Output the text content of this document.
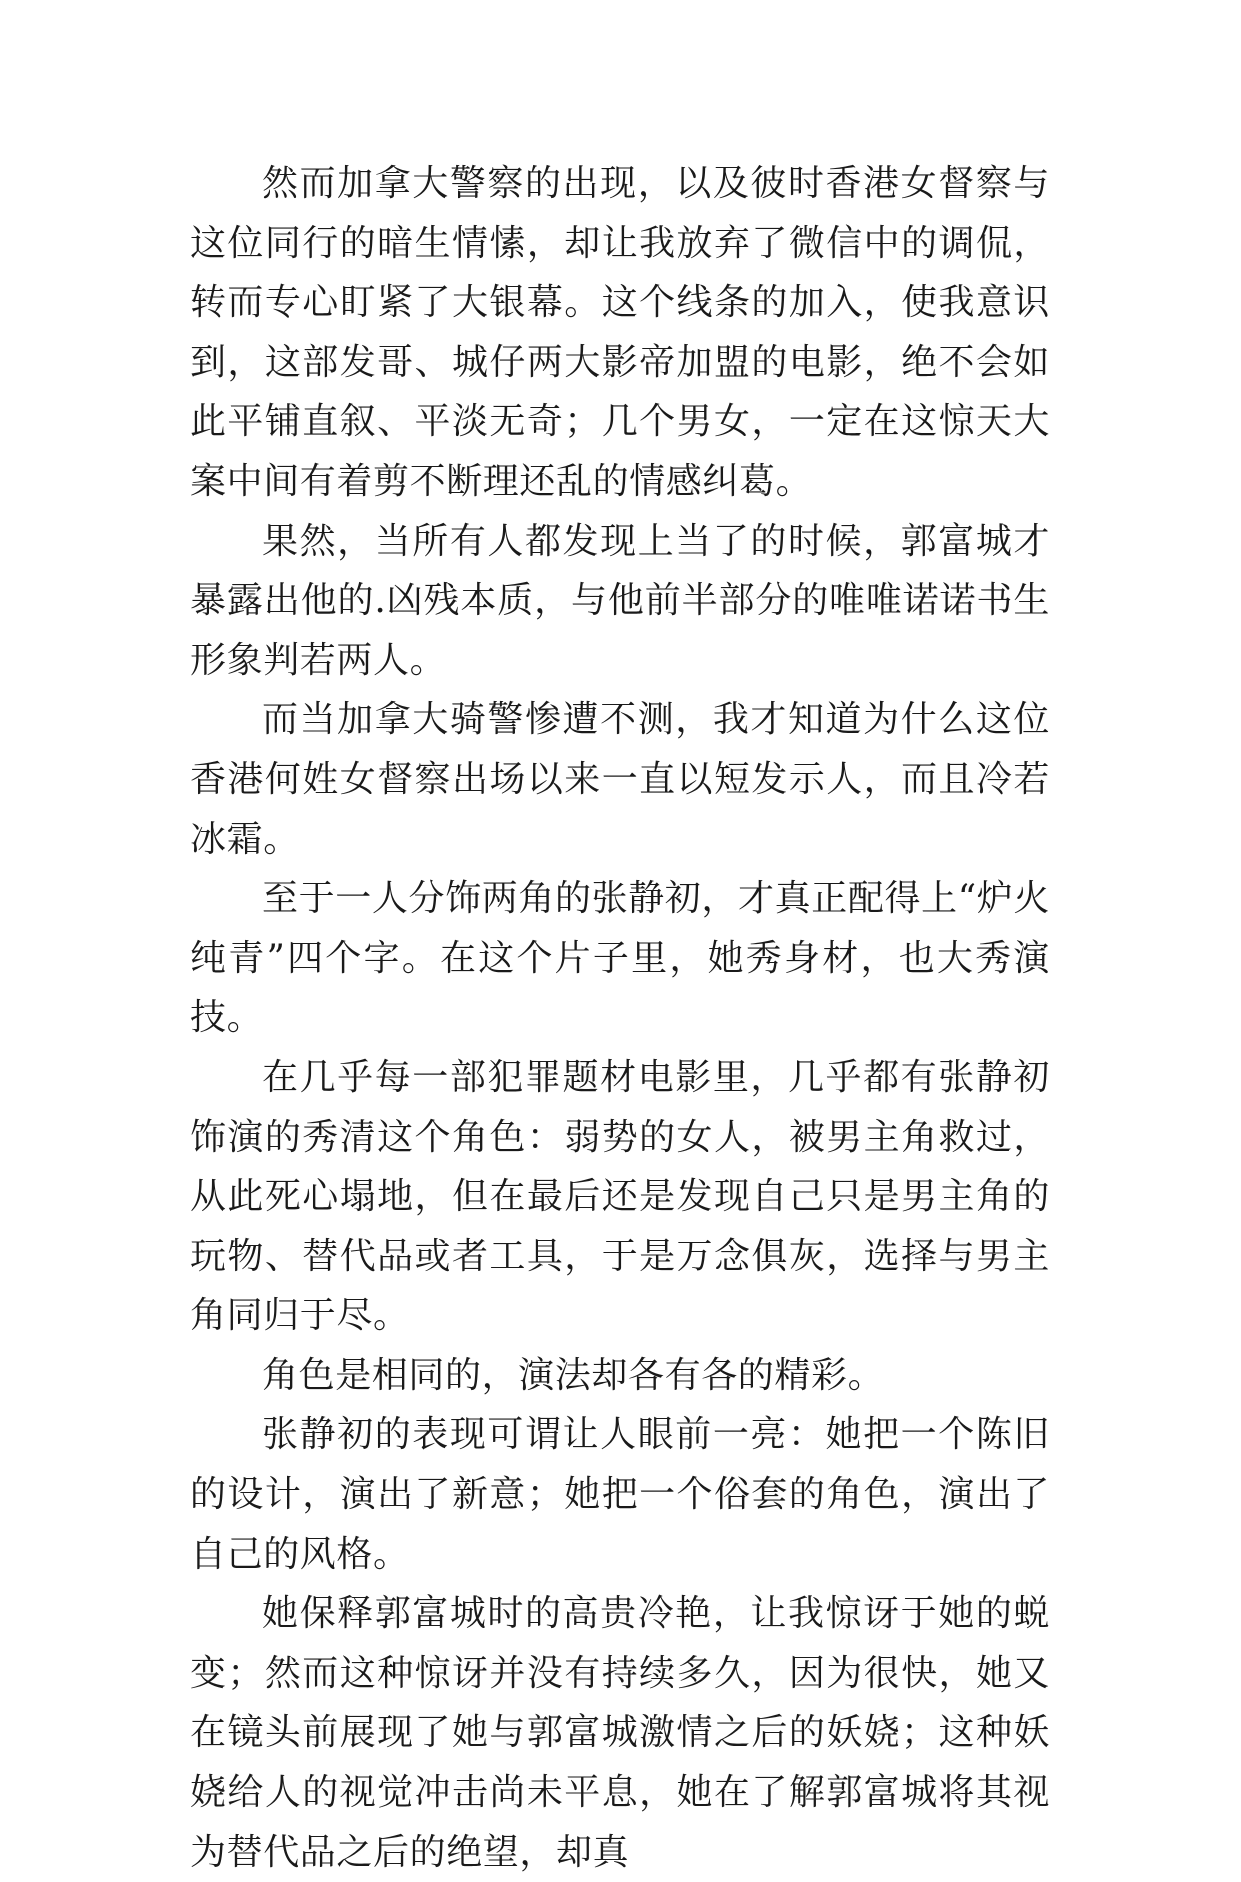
然而加拿大警察的出现，以及彼时香港女督察与这位同行的暗生情愫，却让我放弃了微信中的调侃，转而专心盯紧了大银幕。这个线条的加入，使我意识到，这部发哥、城仔两大影帝加盟的电影，绝不会如此平铺直叙、平淡无奇；几个男女，一定在这惊天大案中间有着剪不断理还乱的情感纠葛。

果然，当所有人都发现上当了的时候，郭富城才暴露出他的.凶残本质，与他前半部分的唯唯诺诺书生形象判若两人。

而当加拿大骑警惨遭不测，我才知道为什么这位香港何姓女督察出场以来一直以短发示人，而且冷若冰霜。

至于一人分饰两角的张静初，才真正配得上“炉火纯青”四个字。在这个片子里，她秀身材，也大秀演技。

在几乎每一部犯罪题材电影里，几乎都有张静初饰演的秀清这个角色：弱势的女人，被男主角救过，从此死心塌地，但在最后还是发现自己只是男主角的玩物、替代品或者工具，于是万念俱灰，选择与男主角同归于尽。

角色是相同的，演法却各有各的精彩。

张静初的表现可谓让人眼前一亮：她把一个陈旧的设计，演出了新意；她把一个俗套的角色，演出了自己的风格。

她保释郭富城时的高贵冷艳，让我惊讶于她的蜕变；然而这种惊讶并没有持续多久，因为很快，她又在镜头前展现了她与郭富城激情之后的妖娆；这种妖娆给人的视觉冲击尚未平息，她在了解郭富城将其视为替代品之后的绝望，却真
